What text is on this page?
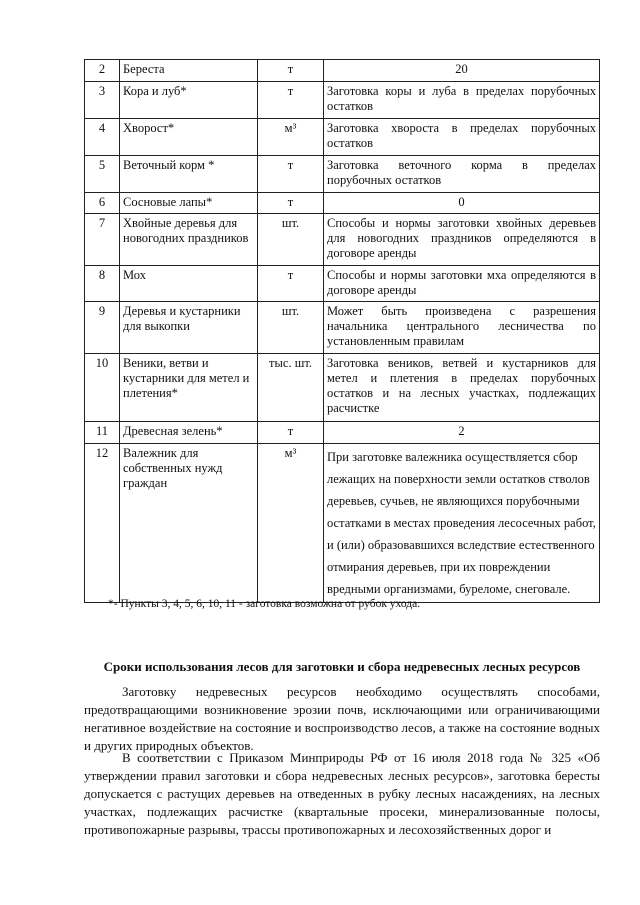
2	Береста	т	20
3	Кора и луб*	т	Заготовка коры и луба в пределах порубочных остатков
4	Хворост*	м³	Заготовка хвороста в пределах порубочных остатков
5	Веточный корм *	т	Заготовка веточного корма в пределах порубочных остатков
6	Сосновые лапы*	т	0
7	Хвойные деревья для новогодних праздников	шт.	Способы и нормы заготовки хвойных деревьев для новогодних праздников определяются в договоре аренды
8	Мох	т	Способы и нормы заготовки мха определяются в договоре аренды
9	Деревья и кустарники для выкопки	шт.	Может быть произведена с разрешения начальника центрального лесничества по установленным правилам
10	Веники, ветви и кустарники для метел и плетения*	тыс. шт.	Заготовка веников, ветвей и кустарников для метел и плетения в пределах порубочных остатков и на лесных участках, подлежащих расчистке
11	Древесная зелень*	т	2
12	Валежник для собственных нужд граждан	м³	При заготовке валежника осуществляется сбор лежащих на поверхности земли остатков стволов деревьев, сучьев, не являющихся порубочными остатками в местах проведения лесосечных работ, и (или) образовавшихся вследствие естественного отмирания деревьев, при их повреждении вредными организмами, буреломе, снеговале.
*- Пункты 3, 4, 5, 6, 10, 11 - заготовка возможна от рубок ухода.
Сроки использования лесов для заготовки и сбора недревесных лесных ресурсов

Заготовку недревесных ресурсов необходимо осуществлять способами, предотвращающими возникновение эрозии почв, исключающими или ограничивающими негативное воздействие на состояние и воспроизводство лесов, а также на состояние водных и других природных объектов.

В соответствии с Приказом Минприроды РФ от 16 июля 2018 года № 325 «Об утверждении правил заготовки и сбора недревесных лесных ресурсов», заготовка бересты допускается с растущих деревьев на отведенных в рубку лесных насаждениях, на лесных участках, подлежащих расчистке (квартальные просеки, минерализованные полосы, противопожарные разрывы, трассы противопожарных и лесохозяйственных дорог и
